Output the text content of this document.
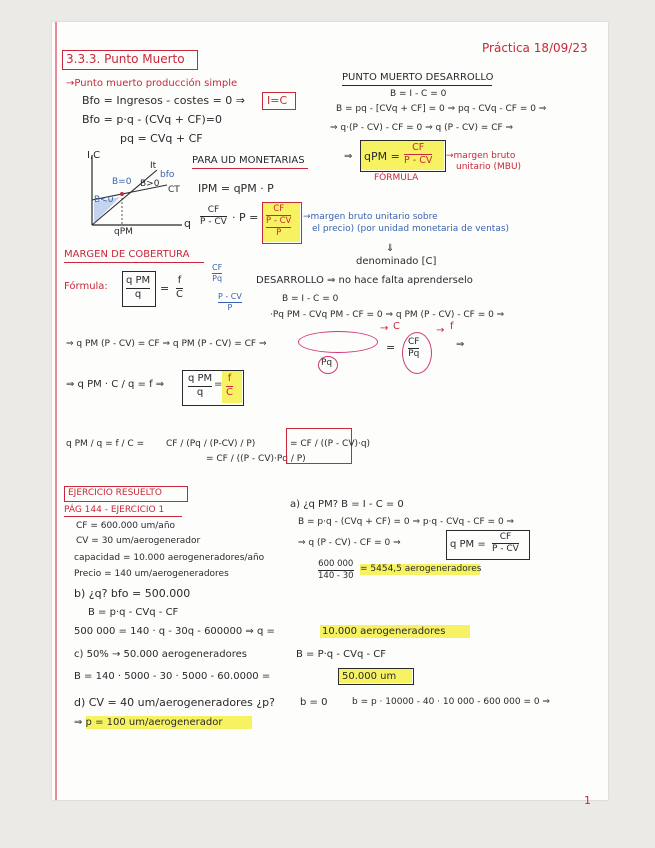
3.3.3. Punto Muerto
Práctica 18/09/23
→Punto muerto producción simple
Bfo = Ingresos - costes = 0 ⇒ I=C
Bfo = p·q - (CVq + CF)=0
pq = CVq + CF
I,C
q
qPM
It
bfo
CT
B>0
B<0
B=0
PARA UD MONETARIAS
IPM = qPM · P
CF
P - CV · P =
CF
P - CV
P
→margen bruto unitario sobre
el precio) (por unidad monetaria de ventas)
⇓
denominado [C]
PUNTO MUERTO DESARROLLO
B = I - C = 0
B = pq - [CVq + CF] = 0 ⇒ pq - CVq - CF = 0 ⇒
⇒ q·(P - CV) - CF = 0 ⇒ q (P - CV) = CF ⇒
⇒ qPM =
CF
P - CV →margen bruto
unitario (MBU)
FÓRMULA
MARGEN DE COBERTURA
Fórmula:
q PM
q =
f
C
CF
Pq
P - CV
P
DESARROLLO ⇒ no hace falta aprenderselo
B = I - C = 0
·Pq PM - CVq PM - CF = 0 ⇒ q PM (P - CV) - CF = 0 ⇒
⇒ q PM (P - CV) = CF ⇒ q PM (P - CV) = CF ⇒
Pq
→ C
= CF
Pq
→ f
⇒
⇒ q PM · C / q = f ⇒
q PM
q
=
f
C
q PM / q = f / C = CF / (Pq / (P-CV) / P)
= CF / ((P - CV)·Pq / P)
= CF / ((P - CV)·q)
EJERCICIO RESUELTO
PÁG 144 - EJERCICIO 1
CF = 600.000 um/año
CV = 30 um/aerogenerador
capacidad = 10.000 aerogeneradores/año
Precio = 140 um/aerogeneradores
a) ¿q PM? B = I - C = 0
B = p·q - (CVq + CF) = 0 ⇒ p·q - CVq - CF = 0 ⇒
⇒ q (P - CV) - CF = 0 ⇒	q PM =
CF
P - CV
600 000
140 - 30
= 5454,5 aerogeneradores
b) ¿q? bfo = 500.000
B = p·q - CVq - CF
500 000 = 140 · q - 30q - 600000 ⇒ q =	10.000 aerogeneradores
c) 50% → 50.000 aerogeneradores	B = P·q - CVq - CF
B = 140 · 5000 - 30 · 5000 - 60.0000 =	50.000 um
d) CV = 40 um/aerogeneradores ¿p?	b = 0	b = p · 10000 - 40 · 10 000 - 600 000 = 0 ⇒
⇒ p = 100 um/aerogenerador
1
